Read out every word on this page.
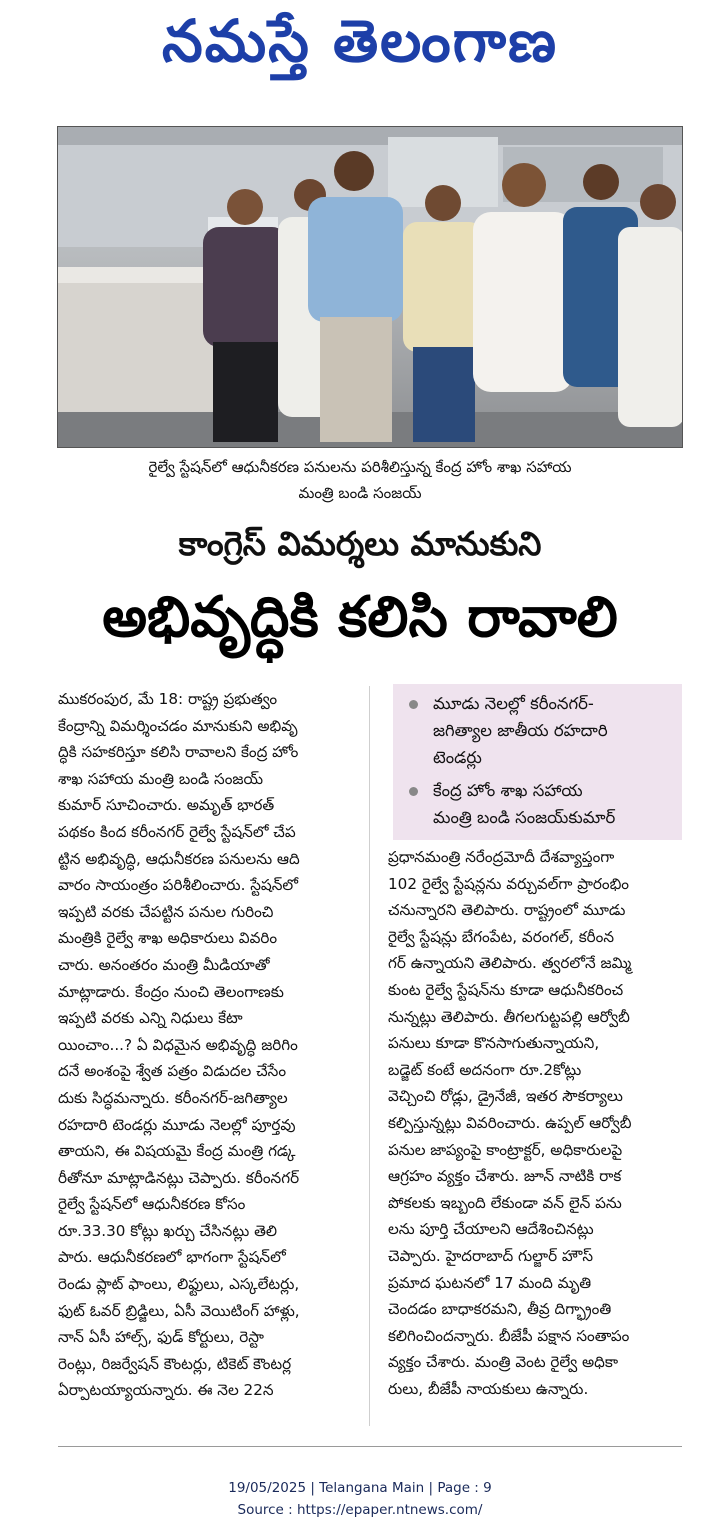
నమస్తే తెలంగాణ
రైల్వే స్టేషన్‌లో ఆధునీకరణ పనులను పరిశీలిస్తున్న కేంద్ర హోం శాఖ సహాయ
మంత్రి బండి సంజయ్
కాంగ్రెస్ విమర్శలు మానుకుని
అభివృద్ధికి కలిసి రావాలి
మూడు నెలల్లో కరీంనగర్-
జగిత్యాల జాతీయ రహదారి
టెండర్లు
కేంద్ర హోం శాఖ సహాయ
మంత్రి బండి సంజయ్‌కుమార్
ముకరంపుర, మే 18: రాష్ట్ర ప్రభుత్వం
కేంద్రాన్ని విమర్శించడం మానుకుని అభివృ
ద్ధికి సహకరిస్తూ కలిసి రావాలని కేంద్ర హోం
శాఖ సహాయ మంత్రి బండి సంజయ్
కుమార్ సూచించారు. అమృత్ భారత్
పథకం కింద కరీంనగర్ రైల్వే స్టేషన్‌లో చేప
ట్టిన అభివృద్ధి, ఆధునీకరణ పనులను ఆది
వారం సాయంత్రం పరిశీలించారు. స్టేషన్‌లో
ఇప్పటి వరకు చేపట్టిన పనుల గురించి
మంత్రికి రైల్వే శాఖ అధికారులు వివరిం
చారు. అనంతరం మంత్రి మీడియాతో
మాట్లాడారు. కేంద్రం నుంచి తెలంగాణకు
ఇప్పటి వరకు ఎన్ని నిధులు కేటా
యించాం...? ఏ విధమైన అభివృద్ధి జరిగిం
దనే అంశంపై శ్వేత పత్రం విడుదల చేసేం
దుకు సిద్ధమన్నారు. కరీంనగర్-జగిత్యాల
రహదారి టెండర్లు మూడు నెలల్లో పూర్తవు
తాయని, ఈ విషయమై కేంద్ర మంత్రి గడ్క
రీతోనూ మాట్లాడినట్లు చెప్పారు. కరీంనగర్
రైల్వే స్టేషన్‌లో ఆధునీకరణ కోసం
రూ.33.30 కోట్లు ఖర్చు చేసినట్లు తెలి
పారు. ఆధునీకరణలో భాగంగా స్టేషన్‌లో
రెండు ప్లాట్ ఫాంలు, లిఫ్టులు, ఎస్కలేటర్లు,
ఫుట్ ఓవర్ బ్రిడ్జిలు, ఏసీ వెయిటింగ్ హాళ్లు,
నాన్ ఏసీ హాల్స్, ఫుడ్ కోర్టులు, రెస్టా
రెంట్లు, రిజర్వేషన్ కౌంటర్లు, టికెట్ కౌంటర్ల
ఏర్పాటయ్యాయన్నారు. ఈ నెల 22న
ప్రధానమంత్రి నరేంద్రమోదీ దేశవ్యాప్తంగా
102 రైల్వే స్టేషన్లను వర్చువల్‌గా ప్రారంభిం
చనున్నారని తెలిపారు. రాష్ట్రంలో మూడు
రైల్వే స్టేషన్లు బేగంపేట, వరంగల్, కరీంన
గర్ ఉన్నాయని తెలిపారు. త్వరలోనే జమ్మి
కుంట రైల్వే స్టేషన్‌ను కూడా ఆధునీకరించ
నున్నట్లు తెలిపారు. తీగలగుట్టపల్లి ఆర్వోబీ
పనులు కూడా కొనసాగుతున్నాయని,
బడ్జెట్ కంటే అదనంగా రూ.2కోట్లు
వెచ్చించి రోడ్లు, డ్రైనేజీ, ఇతర సౌకర్యాలు
కల్పిస్తున్నట్లు వివరించారు. ఉప్పల్ ఆర్వోబీ
పనుల జాప్యంపై కాంట్రాక్టర్, అధికారులపై
ఆగ్రహం వ్యక్తం చేశారు. జూన్ నాటికి రాక
పోకలకు ఇబ్బంది లేకుండా వన్ లైన్ పను
లను పూర్తి చేయాలని ఆదేశించినట్లు
చెప్పారు. హైదరాబాద్ గుల్జార్ హౌస్
ప్రమాద ఘటనలో 17 మంది మృతి
చెందడం బాధాకరమని, తీవ్ర దిగ్భ్రాంతి
కలిగించిందన్నారు. బీజేపీ పక్షాన సంతాపం
వ్యక్తం చేశారు. మంత్రి వెంట రైల్వే అధికా
రులు, బీజేపీ నాయకులు ఉన్నారు.
19/05/2025 | Telangana Main | Page : 9
Source : https://epaper.ntnews.com/
